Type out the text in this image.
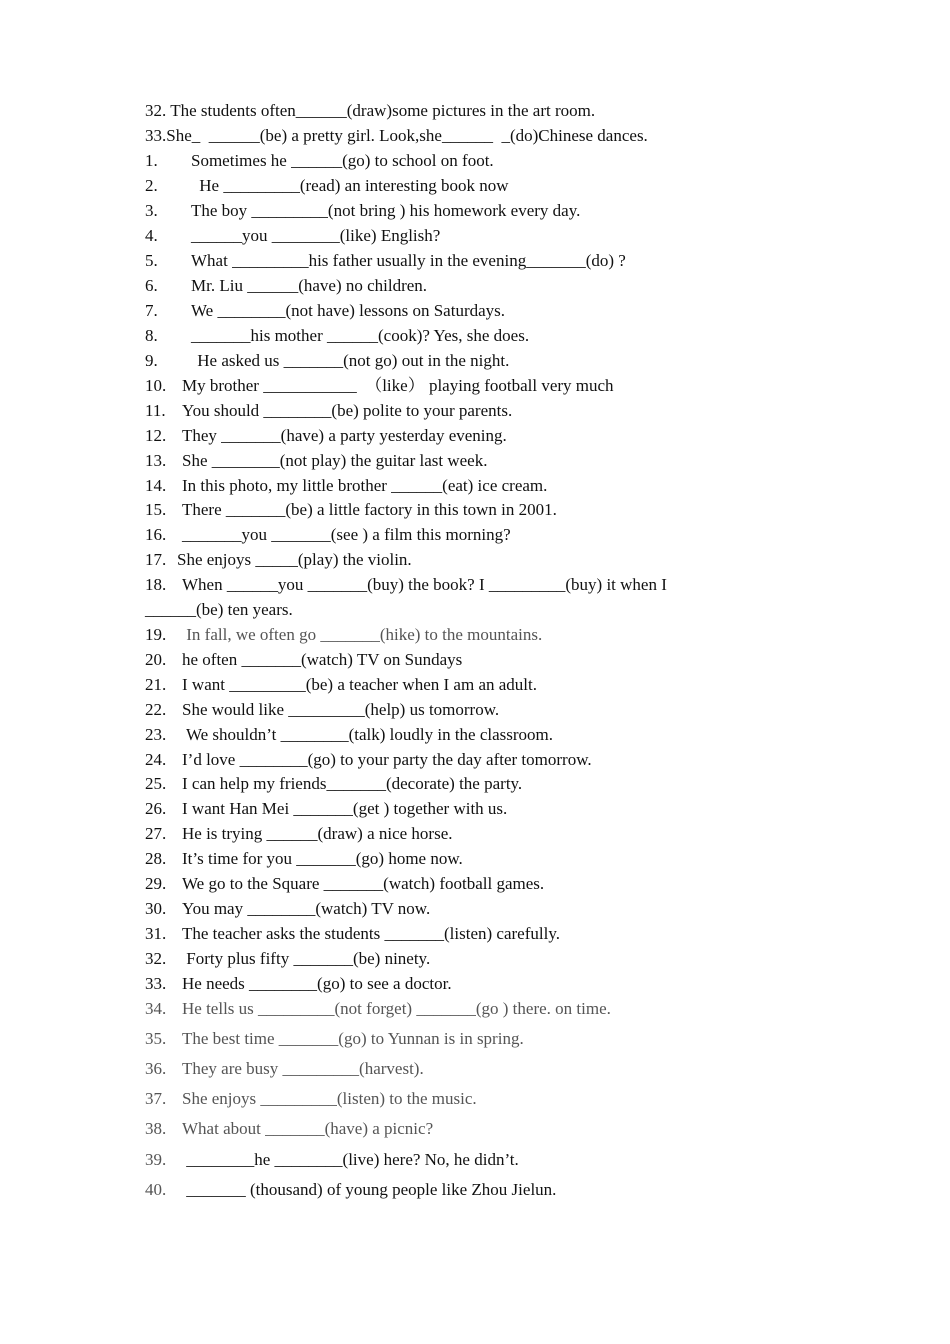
32. The students often______(draw)some pictures in the art room.
33.She_  ______(be) a pretty girl. Look,she______  _(do)Chinese dances.
1. Sometimes he ______(go) to school on foot.
2. He _________(read) an interesting book now
3. The boy _________(not bring ) his homework every day.
4. ______you ________(like) English?
5. What _________his father usually in the evening_______(do) ?
6. Mr. Liu ______(have) no children.
7. We ________(not have) lessons on Saturdays.
8. _______his mother ______(cook)? Yes, she does.
9. He asked us _______(not go) out in the night.
10. My brother ___________  （like） playing football very much
11. You should ________(be) polite to your parents.
12. They _______(have) a party yesterday evening.
13. She ________(not play) the guitar last week.
14. In this photo, my little brother ______(eat) ice cream.
15. There _______(be) a little factory in this town in 2001.
16. _______you _______(see ) a film this morning?
17. She enjoys _____(play) the violin.
18. When ______you _______(buy) the book? I _________(buy) it when I
______(be) ten years.
19. In fall, we often go _______(hike) to the mountains.
20. he often _______(watch) TV on Sundays
21. I want _________(be) a teacher when I am an adult.
22. She would like _________(help) us tomorrow.
23. We shouldn’t ________(talk) loudly in the classroom.
24. I’d love ________(go) to your party the day after tomorrow.
25. I can help my friends_______(decorate) the party.
26. I want Han Mei _______(get ) together with us.
27. He is trying ______(draw) a nice horse.
28. It’s time for you _______(go) home now.
29. We go to the Square _______(watch) football games.
30. You may ________(watch) TV now.
31. The teacher asks the students _______(listen) carefully.
32. Forty plus fifty _______(be) ninety.
33. He needs ________(go) to see a doctor.
34. He tells us _________(not forget) _______(go ) there. on time.
35. The best time _______(go) to Yunnan is in spring.
36. They are busy _________(harvest).
37. She enjoys _________(listen) to the music.
38. What about _______(have) a picnic?
39. ________he ________(live) here? No, he didn’t.
40. _______ (thousand) of young people like Zhou Jielun.
